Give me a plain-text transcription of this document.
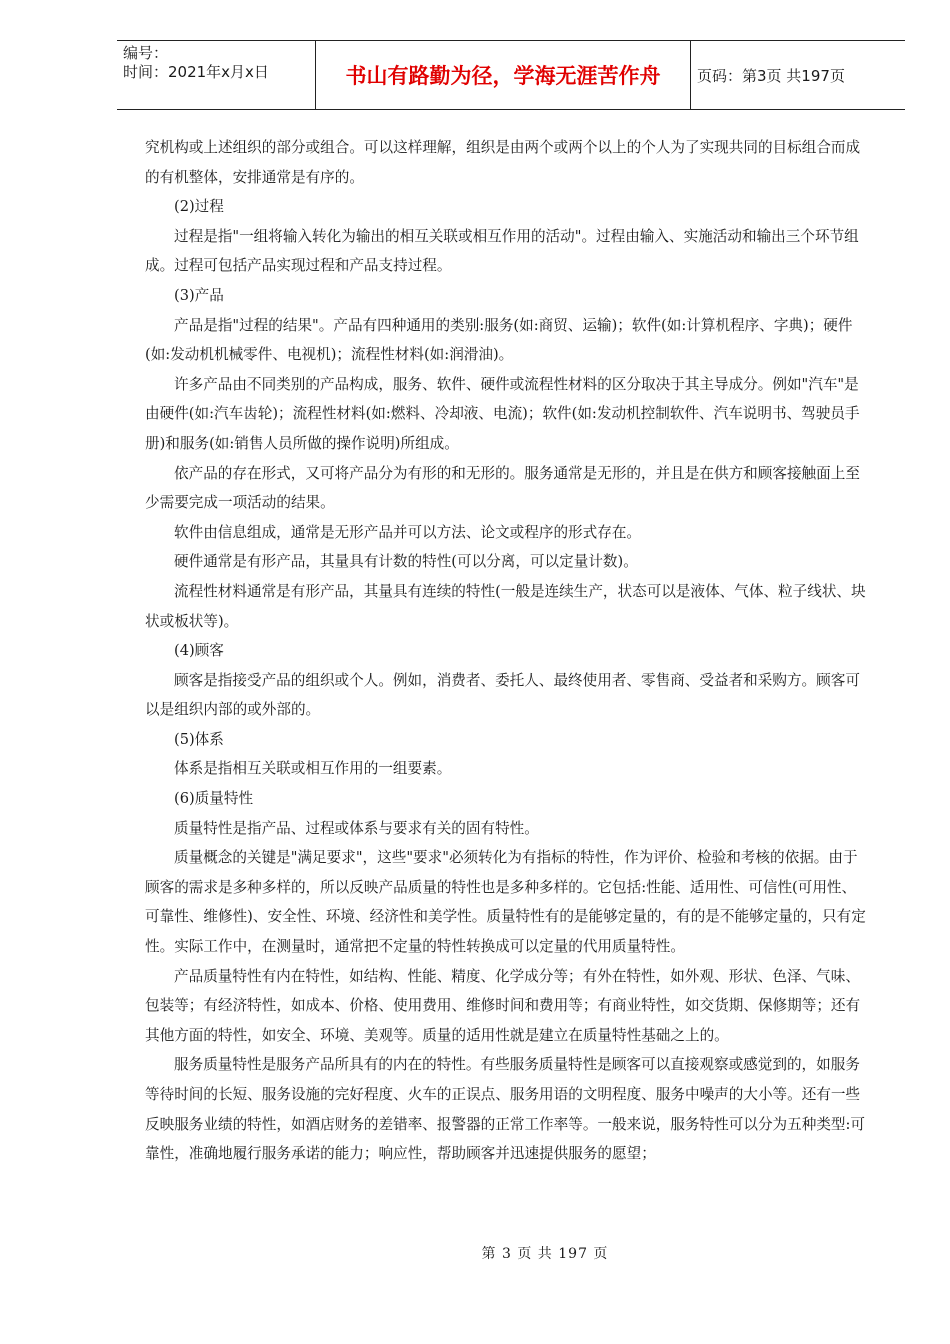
编号：
时间：2021年x月x日	书山有路勤为径，学海无涯苦作舟	页码：第3页 共197页

究机构或上述组织的部分或组合。可以这样理解，组织是由两个或两个以上的个人为了实现共同的目标组合而成的有机整体，安排通常是有序的。

(2)过程

过程是指"一组将输入转化为输出的相互关联或相互作用的活动"。过程由输入、实施活动和输出三个环节组成。过程可包括产品实现过程和产品支持过程。

(3)产品

产品是指"过程的结果"。产品有四种通用的类别:服务(如:商贸、运输)；软件(如:计算机程序、字典)；硬件(如:发动机机械零件、电视机)；流程性材料(如:润滑油)。

许多产品由不同类别的产品构成，服务、软件、硬件或流程性材料的区分取决于其主导成分。例如"汽车"是由硬件(如:汽车齿轮)；流程性材料(如:燃料、冷却液、电流)；软件(如:发动机控制软件、汽车说明书、驾驶员手册)和服务(如:销售人员所做的操作说明)所组成。

依产品的存在形式，又可将产品分为有形的和无形的。服务通常是无形的，并且是在供方和顾客接触面上至少需要完成一项活动的结果。

软件由信息组成，通常是无形产品并可以方法、论文或程序的形式存在。

硬件通常是有形产品，其量具有计数的特性(可以分离，可以定量计数)。

流程性材料通常是有形产品，其量具有连续的特性(一般是连续生产，状态可以是液体、气体、粒子线状、块状或板状等)。

(4)顾客

顾客是指接受产品的组织或个人。例如，消费者、委托人、最终使用者、零售商、受益者和采购方。顾客可以是组织内部的或外部的。

(5)体系

体系是指相互关联或相互作用的一组要素。

(6)质量特性

质量特性是指产品、过程或体系与要求有关的固有特性。

质量概念的关键是"满足要求"，这些"要求"必须转化为有指标的特性，作为评价、检验和考核的依据。由于顾客的需求是多种多样的，所以反映产品质量的特性也是多种多样的。它包括:性能、适用性、可信性(可用性、可靠性、维修性)、安全性、环境、经济性和美学性。质量特性有的是能够定量的，有的是不能够定量的，只有定性。实际工作中，在测量时，通常把不定量的特性转换成可以定量的代用质量特性。

产品质量特性有内在特性，如结构、性能、精度、化学成分等；有外在特性，如外观、形状、色泽、气味、包装等；有经济特性，如成本、价格、使用费用、维修时间和费用等；有商业特性，如交货期、保修期等；还有其他方面的特性，如安全、环境、美观等。质量的适用性就是建立在质量特性基础之上的。

服务质量特性是服务产品所具有的内在的特性。有些服务质量特性是顾客可以直接观察或感觉到的，如服务等待时间的长短、服务设施的完好程度、火车的正误点、服务用语的文明程度、服务中噪声的大小等。还有一些反映服务业绩的特性，如酒店财务的差错率、报警器的正常工作率等。一般来说，服务特性可以分为五种类型:可靠性，准确地履行服务承诺的能力；响应性，帮助顾客并迅速提供服务的愿望；

第 3 页 共 197 页
